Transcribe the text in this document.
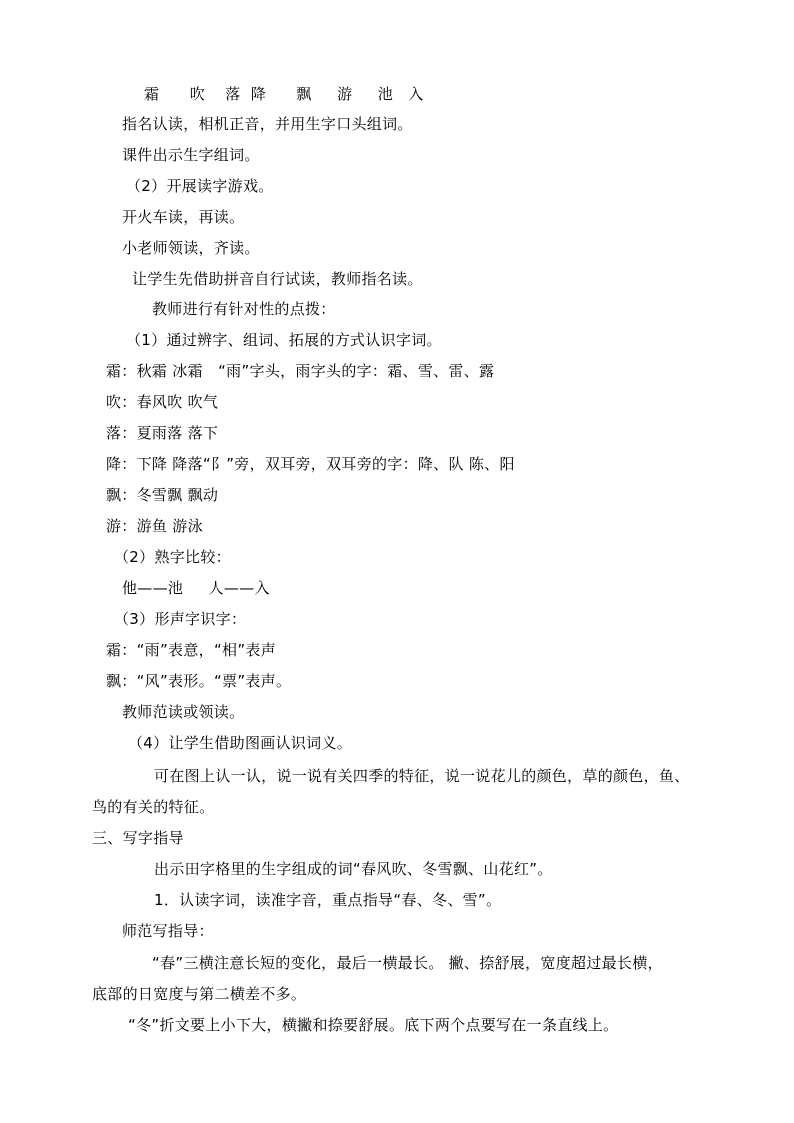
霜      吹    落  降      飘     游     池   入
指名认读，相机正音，并用生字口头组词。
课件出示生字组词。
（2）开展读字游戏。
开火车读，再读。
小老师领读，齐读。
让学生先借助拼音自行试读，教师指名读。
教师进行有针对性的点拨：
（1）通过辨字、组词、拓展的方式认识字词。
霜：秋霜 冰霜   “雨”字头，雨字头的字：霜、雪、雷、露
吹：春风吹 吹气
落：夏雨落 落下
降：下降 降落“阝”旁，双耳旁，双耳旁的字：降、队 陈、阳
飘：冬雪飘 飘动
游：游鱼 游泳
（2）熟字比较：
他——池     人——入
（3）形声字识字：
霜：“雨”表意，“相”表声
飘：“风”表形。“票”表声。
教师范读或领读。
（4）让学生借助图画认识词义。
可在图上认一认，说一说有关四季的特征，说一说花儿的颜色，草的颜色，鱼、
鸟的有关的特征。
三、写字指导
出示田字格里的生字组成的词“春风吹、冬雪飘、山花红”。
1．认读字词，读准字音，重点指导“春、冬、雪”。
师范写指导：
“春”三横注意长短的变化，最后一横最长。 撇、捺舒展，宽度超过最长横，
底部的日宽度与第二横差不多。
“冬”折文要上小下大，横撇和捺要舒展。底下两个点要写在一条直线上。
